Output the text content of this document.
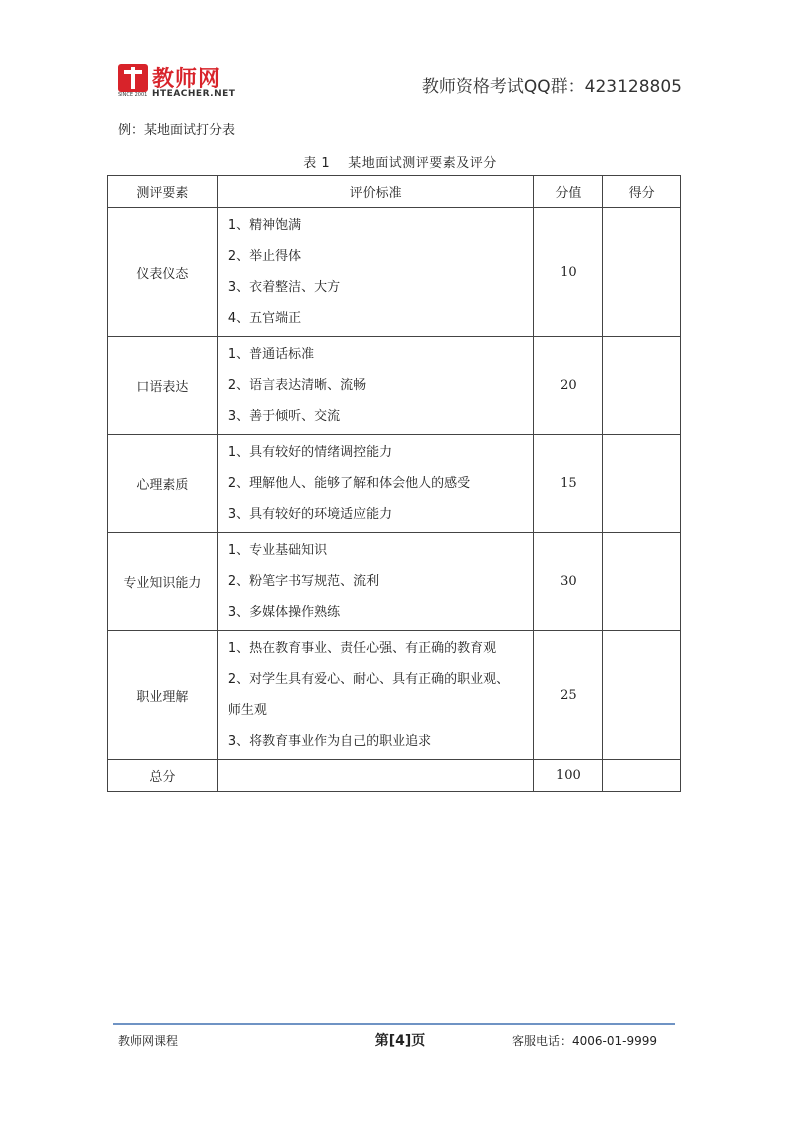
教师网
SINCE 2001 HTEACHER.NET	教师资格考试QQ群：423128805
例：某地面试打分表
表 1 某地面试测评要素及评分
测评要素	评价标准	分值	得分
仪表仪态	1、精神饱满
2、举止得体
3、衣着整洁、大方
4、五官端正	10	
口语表达	1、普通话标准
2、语言表达清晰、流畅
3、善于倾听、交流	20	
心理素质	1、具有较好的情绪调控能力
2、理解他人、能够了解和体会他人的感受
3、具有较好的环境适应能力	15	
专业知识能力	1、专业基础知识
2、粉笔字书写规范、流利
3、多媒体操作熟练	30	
职业理解	1、热在教育事业、责任心强、有正确的教育观
2、对学生具有爱心、耐心、具有正确的职业观、
师生观
3、将教育事业作为自己的职业追求	25	
总分		100	
教师网课程	第[4]页	客服电话：4006-01-9999
